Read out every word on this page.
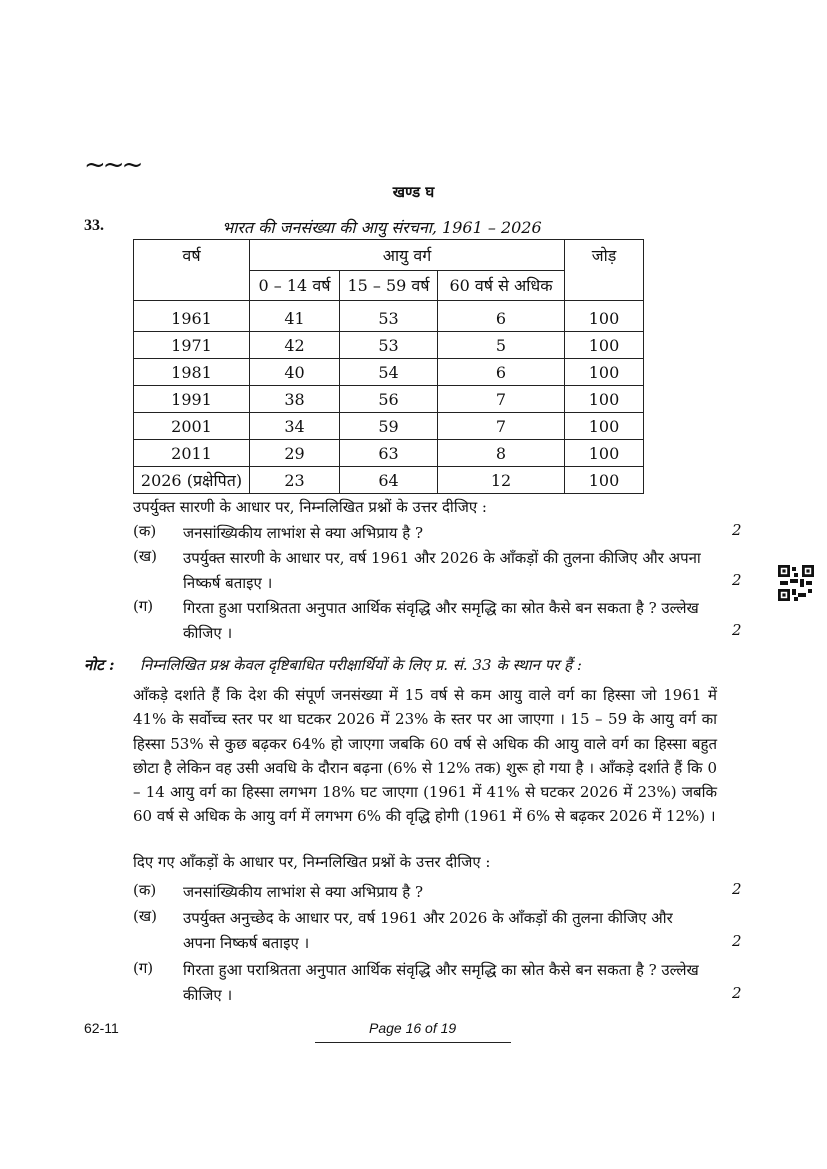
~~~
खण्ड घ
33.	भारत की जनसंख्या की आयु संरचना, 1961 – 2026
वर्ष	आयु वर्ग			जोड़
	0 – 14 वर्ष	15 – 59 वर्ष	60 वर्ष से अधिक	
1961	41	53	6	100
1971	42	53	5	100
1981	40	54	6	100
1991	38	56	7	100
2001	34	59	7	100
2011	29	63	8	100
2026 (प्रक्षेपित)	23	64	12	100
उपर्युक्त सारणी के आधार पर, निम्नलिखित प्रश्नों के उत्तर दीजिए :
(क) जनसांख्यिकीय लाभांश से क्या अभिप्राय है ?	2
(ख) उपर्युक्त सारणी के आधार पर, वर्ष 1961 और 2026 के आँकड़ों की तुलना कीजिए और अपना निष्कर्ष बताइए ।	2
(ग) गिरता हुआ पराश्रितता अनुपात आर्थिक संवृद्धि और समृद्धि का स्रोत कैसे बन सकता है ? उल्लेख कीजिए ।	2
नोट : निम्नलिखित प्रश्न केवल दृष्टिबाधित परीक्षार्थियों के लिए प्र. सं. 33 के स्थान पर हैं :
आँकड़े दर्शाते हैं कि देश की संपूर्ण जनसंख्या में 15 वर्ष से कम आयु वाले वर्ग का हिस्सा जो 1961 में 41% के सर्वोच्च स्तर पर था घटकर 2026 में 23% के स्तर पर आ जाएगा । 15 – 59 के आयु वर्ग का हिस्सा 53% से कुछ बढ़कर 64% हो जाएगा जबकि 60 वर्ष से अधिक की आयु वाले वर्ग का हिस्सा बहुत छोटा है लेकिन वह उसी अवधि के दौरान बढ़ना (6% से 12% तक) शुरू हो गया है । आँकड़े दर्शाते हैं कि 0 – 14 आयु वर्ग का हिस्सा लगभग 18% घट जाएगा (1961 में 41% से घटकर 2026 में 23%) जबकि 60 वर्ष से अधिक के आयु वर्ग में लगभग 6% की वृद्धि होगी (1961 में 6% से बढ़कर 2026 में 12%) ।
दिए गए आँकड़ों के आधार पर, निम्नलिखित प्रश्नों के उत्तर दीजिए :
(क) जनसांख्यिकीय लाभांश से क्या अभिप्राय है ?	2
(ख) उपर्युक्त अनुच्छेद के आधार पर, वर्ष 1961 और 2026 के आँकड़ों की तुलना कीजिए और अपना निष्कर्ष बताइए ।	2
(ग) गिरता हुआ पराश्रितता अनुपात आर्थिक संवृद्धि और समृद्धि का स्रोत कैसे बन सकता है ? उल्लेख कीजिए ।	2
62-11	Page 16 of 19
